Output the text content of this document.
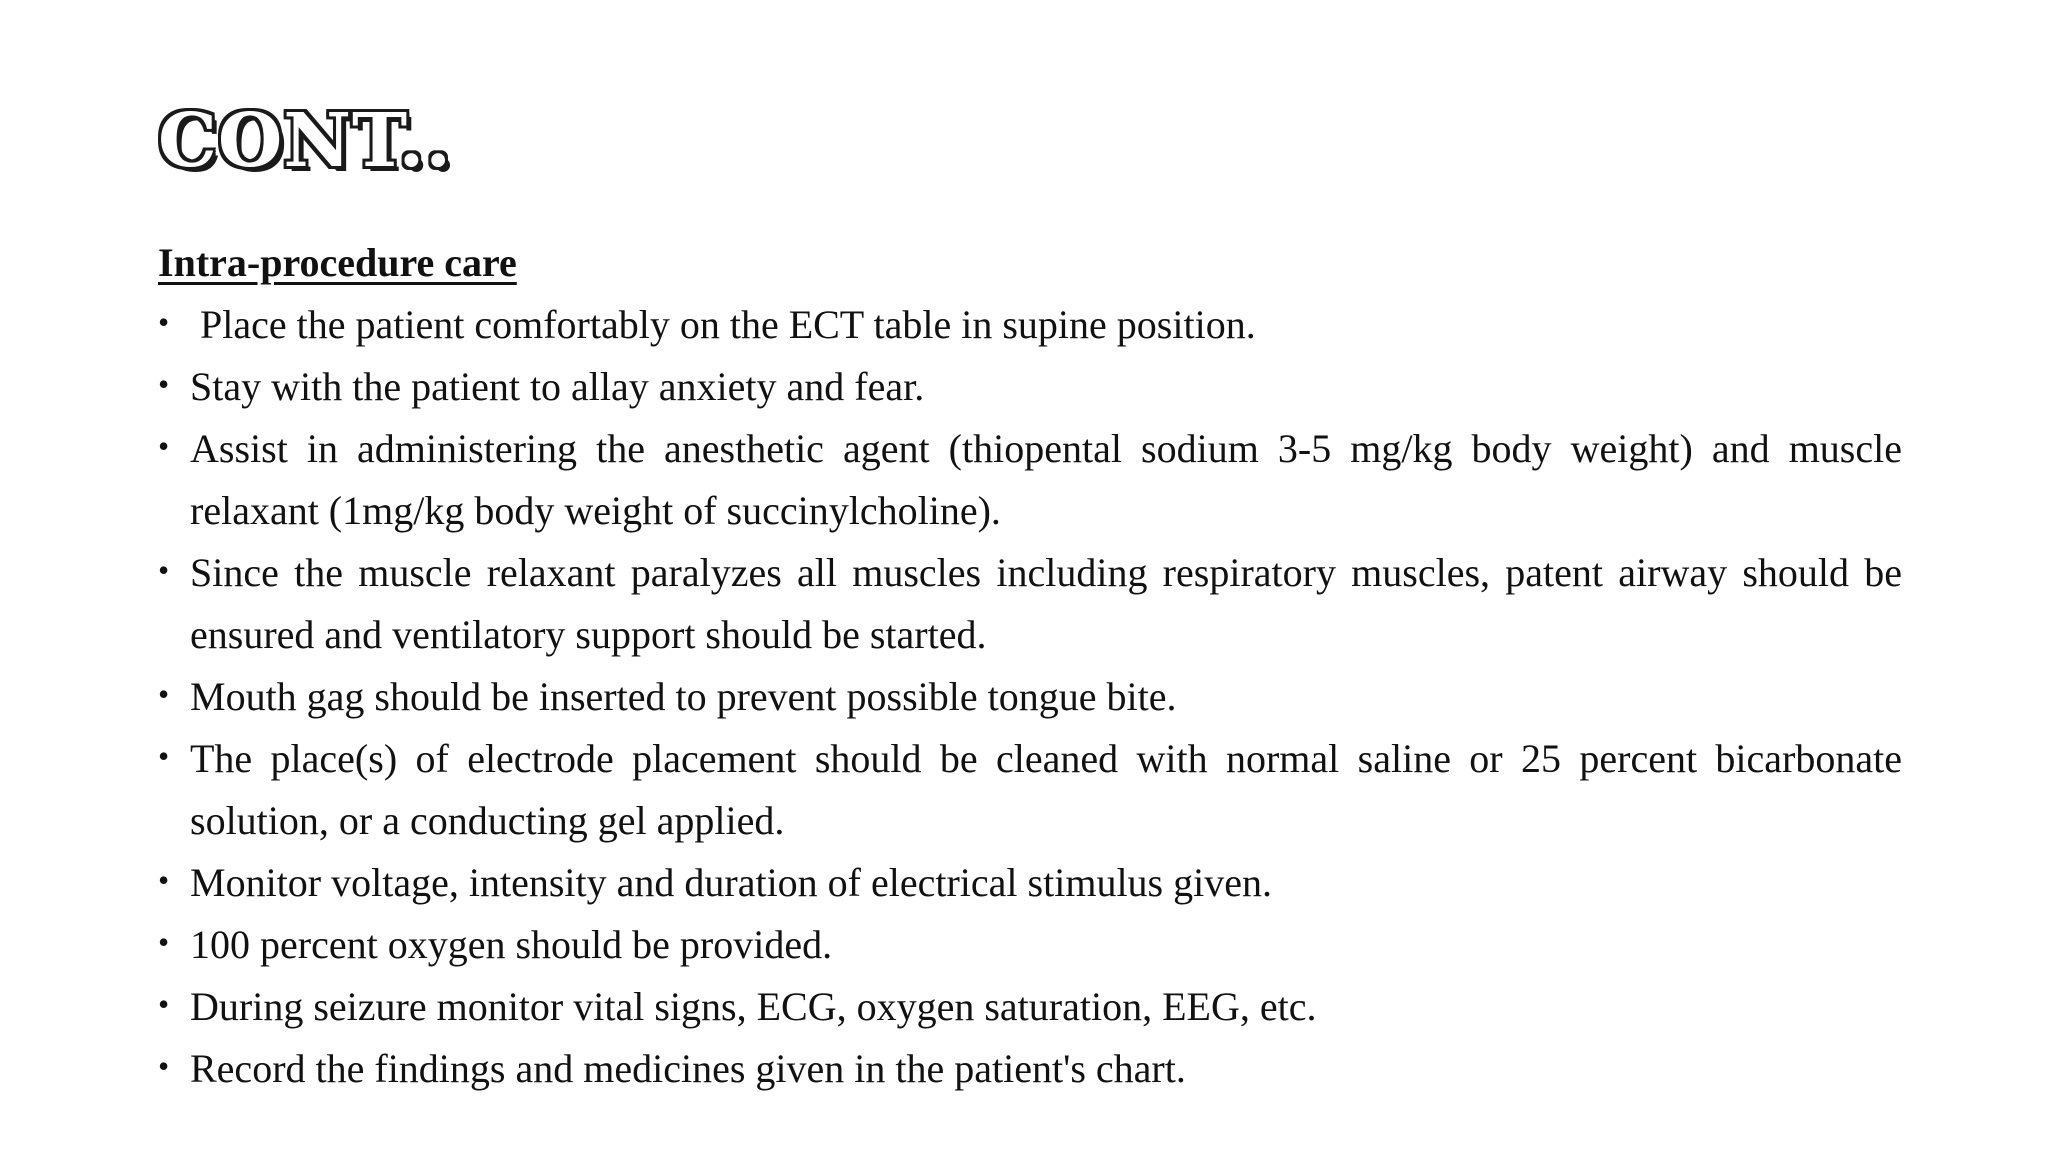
CONT..

Intra-procedure care

• Place the patient comfortably on the ECT table in supine position.
• Stay with the patient to allay anxiety and fear.
• Assist in administering the anesthetic agent (thiopental sodium 3-5 mg/kg body weight) and muscle relaxant (1mg/kg body weight of succinylcholine).
• Since the muscle relaxant paralyzes all muscles including respiratory muscles, patent airway should be ensured and ventilatory support should be started.
• Mouth gag should be inserted to prevent possible tongue bite.
• The place(s) of electrode placement should be cleaned with normal saline or 25 percent bicarbonate solution, or a conducting gel applied.
• Monitor voltage, intensity and duration of electrical stimulus given.
• 100 percent oxygen should be provided.
• During seizure monitor vital signs, ECG, oxygen saturation, EEG, etc.
• Record the findings and medicines given in the patient's chart.
